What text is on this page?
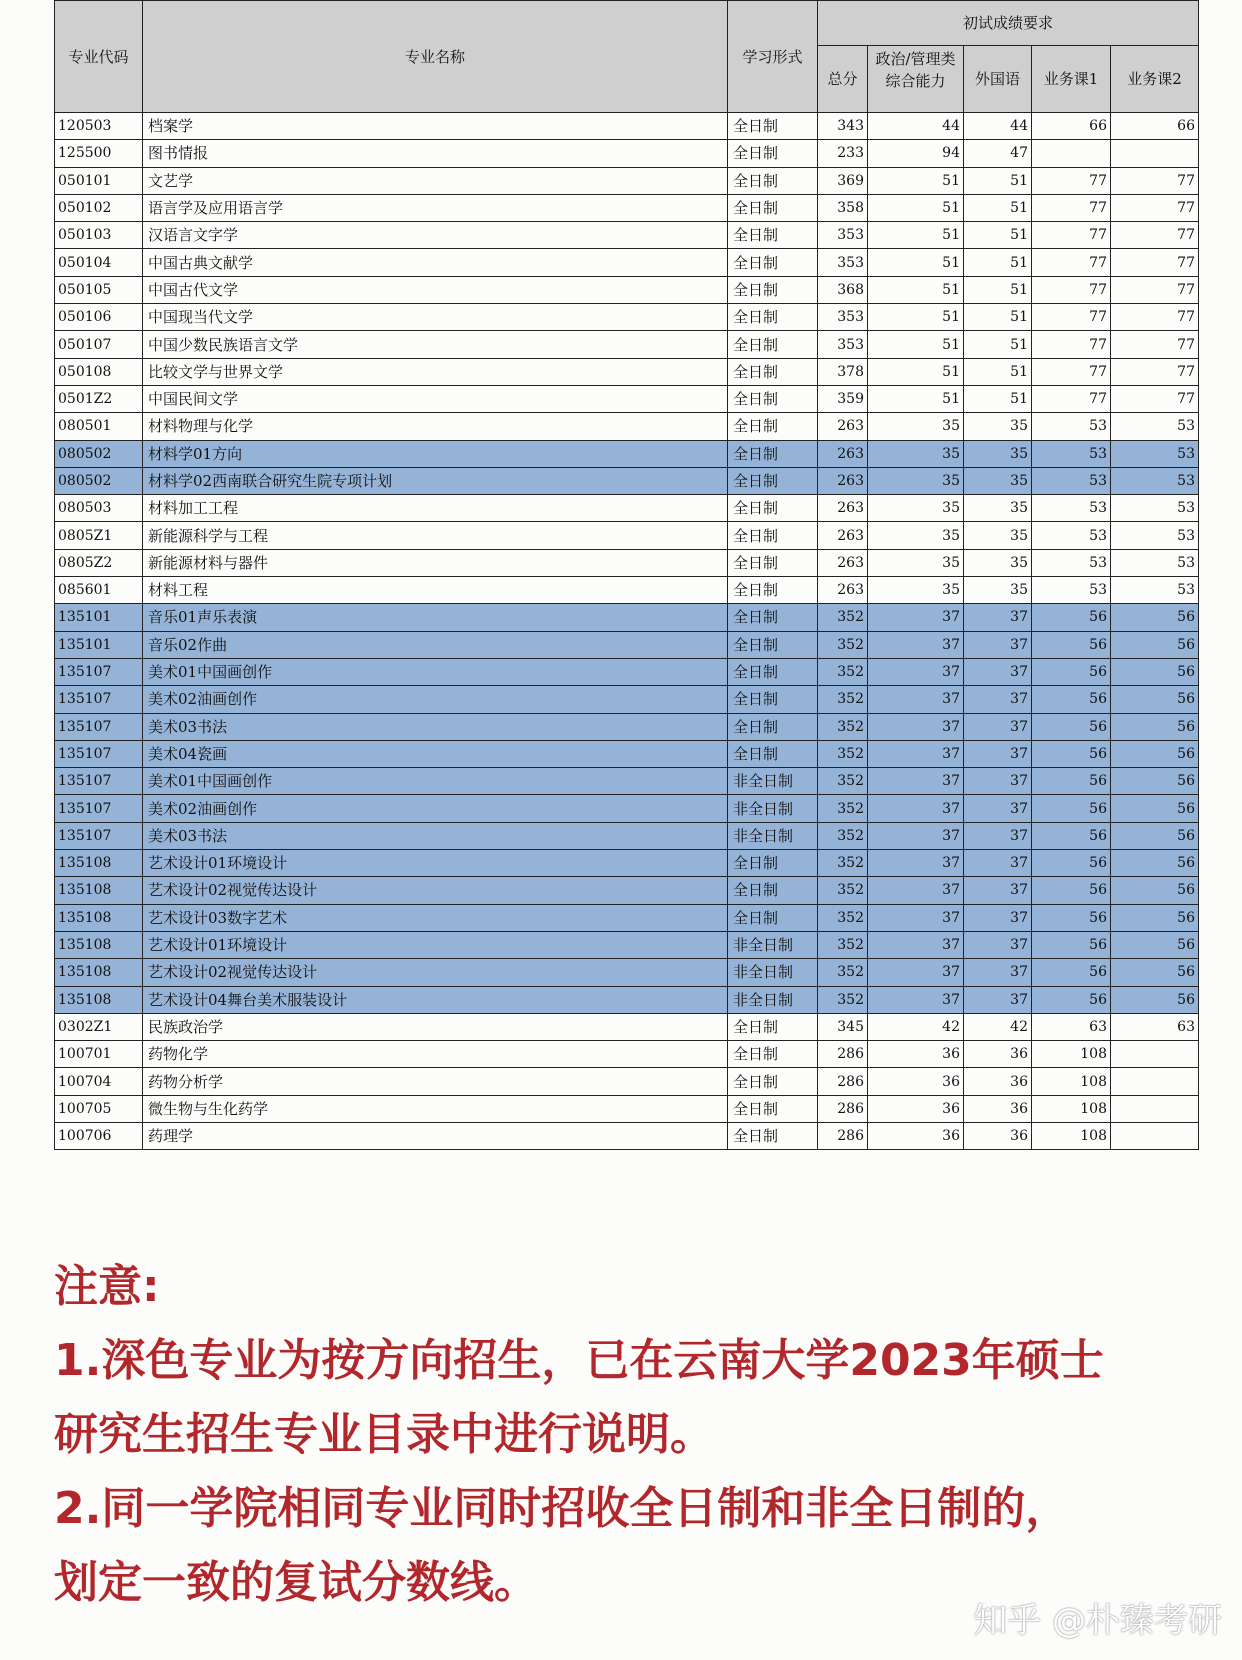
专业代码	专业名称	学习形式	初试成绩要求				
			总分	政治/管理类综合能力	外国语	业务课1	业务课2
120503	档案学	全日制	343	44	44	66	66
125500	图书情报	全日制	233	94	47		
050101	文艺学	全日制	369	51	51	77	77
050102	语言学及应用语言学	全日制	358	51	51	77	77
050103	汉语言文字学	全日制	353	51	51	77	77
050104	中国古典文献学	全日制	353	51	51	77	77
050105	中国古代文学	全日制	368	51	51	77	77
050106	中国现当代文学	全日制	353	51	51	77	77
050107	中国少数民族语言文学	全日制	353	51	51	77	77
050108	比较文学与世界文学	全日制	378	51	51	77	77
0501Z2	中国民间文学	全日制	359	51	51	77	77
080501	材料物理与化学	全日制	263	35	35	53	53
080502	材料学01方向	全日制	263	35	35	53	53
080502	材料学02西南联合研究生院专项计划	全日制	263	35	35	53	53
080503	材料加工工程	全日制	263	35	35	53	53
0805Z1	新能源科学与工程	全日制	263	35	35	53	53
0805Z2	新能源材料与器件	全日制	263	35	35	53	53
085601	材料工程	全日制	263	35	35	53	53
135101	音乐01声乐表演	全日制	352	37	37	56	56
135101	音乐02作曲	全日制	352	37	37	56	56
135107	美术01中国画创作	全日制	352	37	37	56	56
135107	美术02油画创作	全日制	352	37	37	56	56
135107	美术03书法	全日制	352	37	37	56	56
135107	美术04瓷画	全日制	352	37	37	56	56
135107	美术01中国画创作	非全日制	352	37	37	56	56
135107	美术02油画创作	非全日制	352	37	37	56	56
135107	美术03书法	非全日制	352	37	37	56	56
135108	艺术设计01环境设计	全日制	352	37	37	56	56
135108	艺术设计02视觉传达设计	全日制	352	37	37	56	56
135108	艺术设计03数字艺术	全日制	352	37	37	56	56
135108	艺术设计01环境设计	非全日制	352	37	37	56	56
135108	艺术设计02视觉传达设计	非全日制	352	37	37	56	56
135108	艺术设计04舞台美术服装设计	非全日制	352	37	37	56	56
0302Z1	民族政治学	全日制	345	42	42	63	63
100701	药物化学	全日制	286	36	36	108	
100704	药物分析学	全日制	286	36	36	108	
100705	微生物与生化药学	全日制	286	36	36	108	
100706	药理学	全日制	286	36	36	108	

注意:

1.深色专业为按方向招生，已在云南大学2023年硕士

研究生招生专业目录中进行说明。

2.同一学院相同专业同时招收全日制和非全日制的，

划定一致的复试分数线。

知乎 @朴臻考研
